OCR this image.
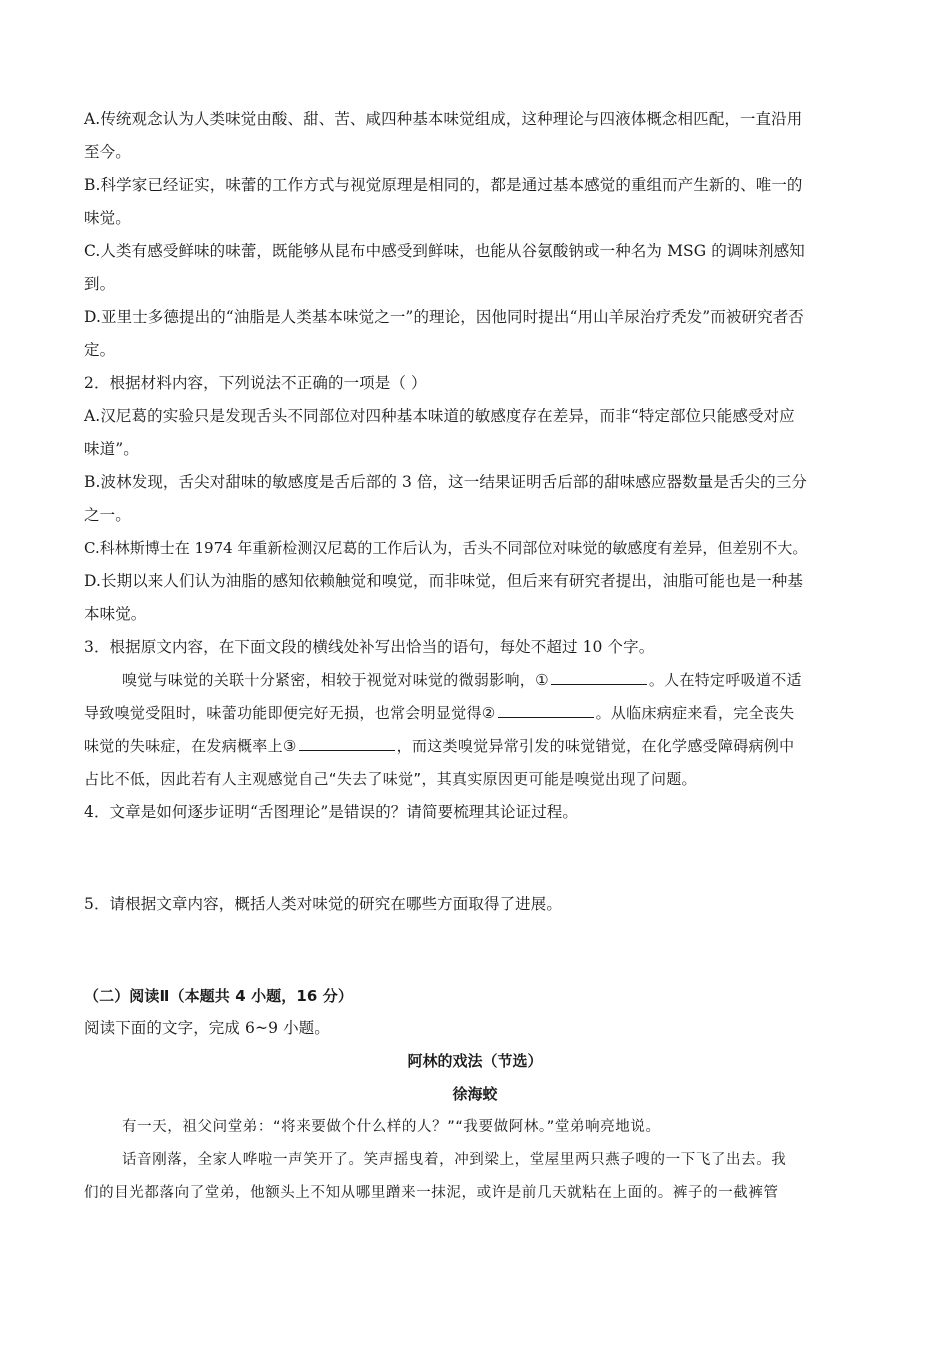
A.传统观念认为人类味觉由酸、甜、苦、咸四种基本味觉组成，这种理论与四液体概念相匹配，一直沿用

至今。

B.科学家已经证实，味蕾的工作方式与视觉原理是相同的，都是通过基本感觉的重组而产生新的、唯一的

味觉。

C.人类有感受鲜味的味蕾，既能够从昆布中感受到鲜味，也能从谷氨酸钠或一种名为 MSG 的调味剂感知

到。

D.亚里士多德提出的“油脂是人类基本味觉之一”的理论，因他同时提出“用山羊尿治疗秃发”而被研究者否

定。

2．根据材料内容，下列说法不正确的一项是（ ）

A.汉尼葛的实验只是发现舌头不同部位对四种基本味道的敏感度存在差异，而非“特定部位只能感受对应

味道”。

B.波林发现，舌尖对甜味的敏感度是舌后部的 3 倍，这一结果证明舌后部的甜味感应器数量是舌尖的三分

之一。

C.科林斯博士在 1974 年重新检测汉尼葛的工作后认为，舌头不同部位对味觉的敏感度有差异，但差别不大。

D.长期以来人们认为油脂的感知依赖触觉和嗅觉，而非味觉，但后来有研究者提出，油脂可能也是一种基

本味觉。

3．根据原文内容，在下面文段的横线处补写出恰当的语句，每处不超过 10 个字。

嗅觉与味觉的关联十分紧密，相较于视觉对味觉的微弱影响，①	。人在特定呼吸道不适

导致嗅觉受阻时，味蕾功能即便完好无损，也常会明显觉得②	。从临床病症来看，完全丧失

味觉的失味症，在发病概率上③	，而这类嗅觉异常引发的味觉错觉，在化学感受障碍病例中

占比不低，因此若有人主观感觉自己“失去了味觉”，其真实原因更可能是嗅觉出现了问题。

4．文章是如何逐步证明“舌图理论”是错误的？请简要梳理其论证过程。

5．请根据文章内容，概括人类对味觉的研究在哪些方面取得了进展。

（二）阅读Ⅱ（本题共 4 小题，16 分）

阅读下面的文字，完成 6~9 小题。

阿林的戏法（节选）

徐海蛟

有一天，祖父问堂弟：“将来要做个什么样的人？”“我要做阿林。”堂弟响亮地说。

话音刚落，全家人哗啦一声笑开了。笑声摇曳着，冲到梁上，堂屋里两只燕子嗖的一下飞了出去。我

们的目光都落向了堂弟，他额头上不知从哪里蹭来一抹泥，或许是前几天就粘在上面的。裤子的一截裤管
